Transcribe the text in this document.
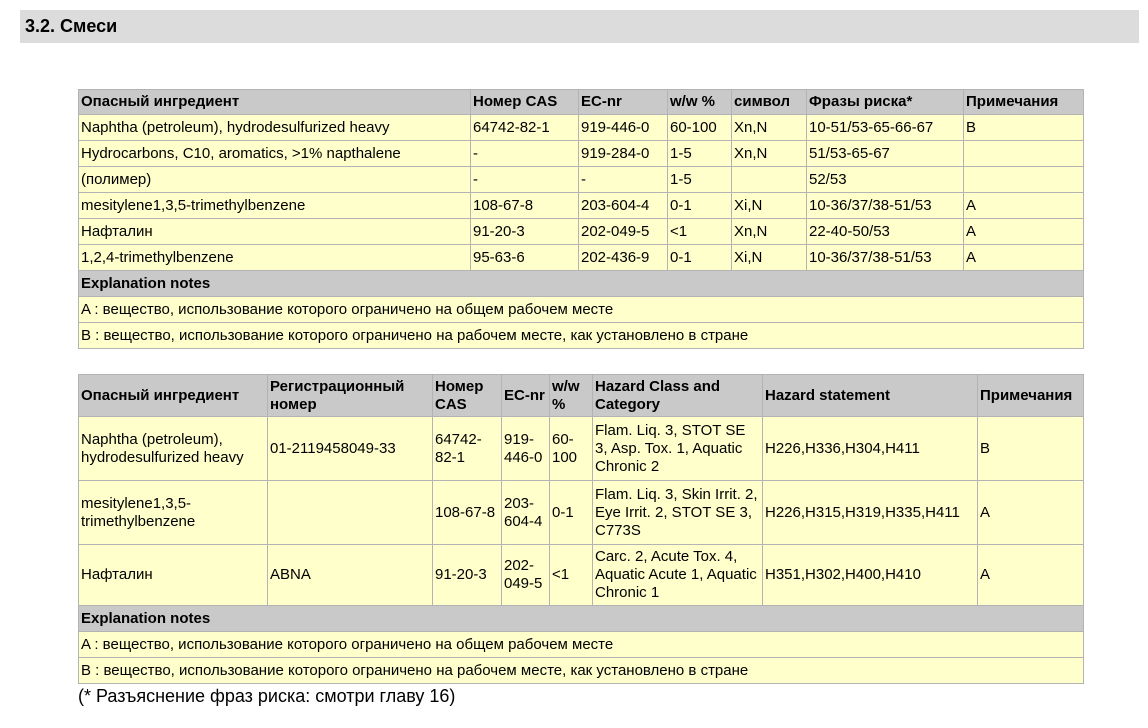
3.2. Смеси
Опасный ингредиент	Номер CAS	EC-nr	w/w %	символ	Фразы риска*	Примечания
Naphtha (petroleum), hydrodesulfurized heavy	64742-82-1	919-446-0	60-100	Xn,N	10-51/53-65-66-67	B
Hydrocarbons, C10, aromatics, >1% napthalene	-	919-284-0	1-5	Xn,N	51/53-65-67	
(полимер)	-	-	1-5		52/53	
mesitylene1,3,5-trimethylbenzene	108-67-8	203-604-4	0-1	Xi,N	10-36/37/38-51/53	A
Нафталин	91-20-3	202-049-5	<1	Xn,N	22-40-50/53	A
1,2,4-trimethylbenzene	95-63-6	202-436-9	0-1	Xi,N	10-36/37/38-51/53	A
Explanation notes						
A : вещество, использование которого ограничено на общем рабочем месте						
B : вещество, использование которого ограничено на рабочем месте, как установлено в стране						
Опасный ингредиент	Регистрационный номер	Номер CAS	EC-nr	w/w %	Hazard Class and Category	Hazard statement	Примечания
Naphtha (petroleum), hydrodesulfurized heavy	01-2119458049-33	64742-82-1	919-446-0	60-100	Flam. Liq. 3, STOT SE 3, Asp. Tox. 1, Aquatic Chronic 2	H226,H336,H304,H411	B
mesitylene1,3,5-trimethylbenzene		108-67-8	203-604-4	0-1	Flam. Liq. 3, Skin Irrit. 2, Eye Irrit. 2, STOT SE 3, C773S	H226,H315,H319,H335,H411	A
Нафталин	ABNA	91-20-3	202-049-5	<1	Carc. 2, Acute Tox. 4, Aquatic Acute 1, Aquatic Chronic 1	H351,H302,H400,H410	A
Explanation notes							
A : вещество, использование которого ограничено на общем рабочем месте							
B : вещество, использование которого ограничено на рабочем месте, как установлено в стране							
(* Разъяснение фраз риска: смотри главу 16)
